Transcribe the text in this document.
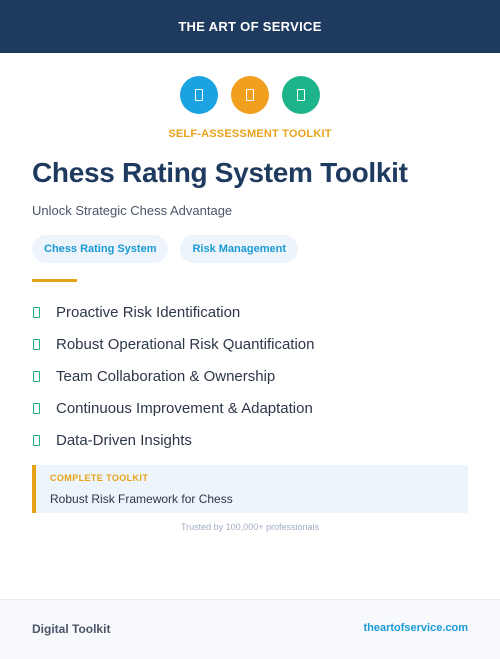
THE ART OF SERVICE
SELF-ASSESSMENT TOOLKIT
Chess Rating System Toolkit
Unlock Strategic Chess Advantage
Chess Rating System	Risk Management
Proactive Risk Identification
Robust Operational Risk Quantification
Team Collaboration & Ownership
Continuous Improvement & Adaptation
Data-Driven Insights
COMPLETE TOOLKIT
Robust Risk Framework for Chess
Trusted by 100,000+ professionals
Digital Toolkit	theartofservice.com
